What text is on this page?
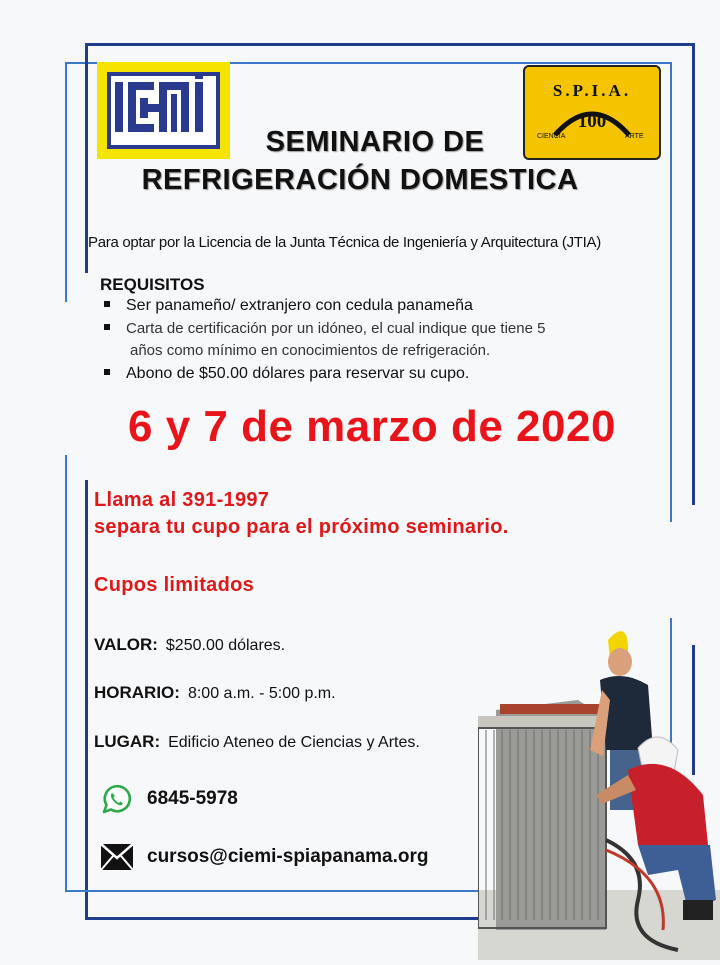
S.P.I.A.
100
CIENCIA	ARTE
SEMINARIO DE
REFRIGERACIÓN DOMESTICA
Para optar por la Licencia de la Junta Técnica de Ingeniería y Arquitectura (JTIA)
REQUISITOS
Ser panameño/ extranjero con cedula panameña
Carta de certificación por un idóneo, el cual indique que tiene 5
años como mínimo en conocimientos de refrigeración.
Abono de $50.00 dólares para reservar su cupo.
6 y 7 de marzo de 2020
Llama al 391-1997
separa tu cupo para el próximo seminario.
Cupos limitados
VALOR: $250.00 dólares.
HORARIO: 8:00 a.m. - 5:00 p.m.
LUGAR: Edificio Ateneo de Ciencias y Artes.
6845-5978
cursos@ciemi-spiapanama.org
